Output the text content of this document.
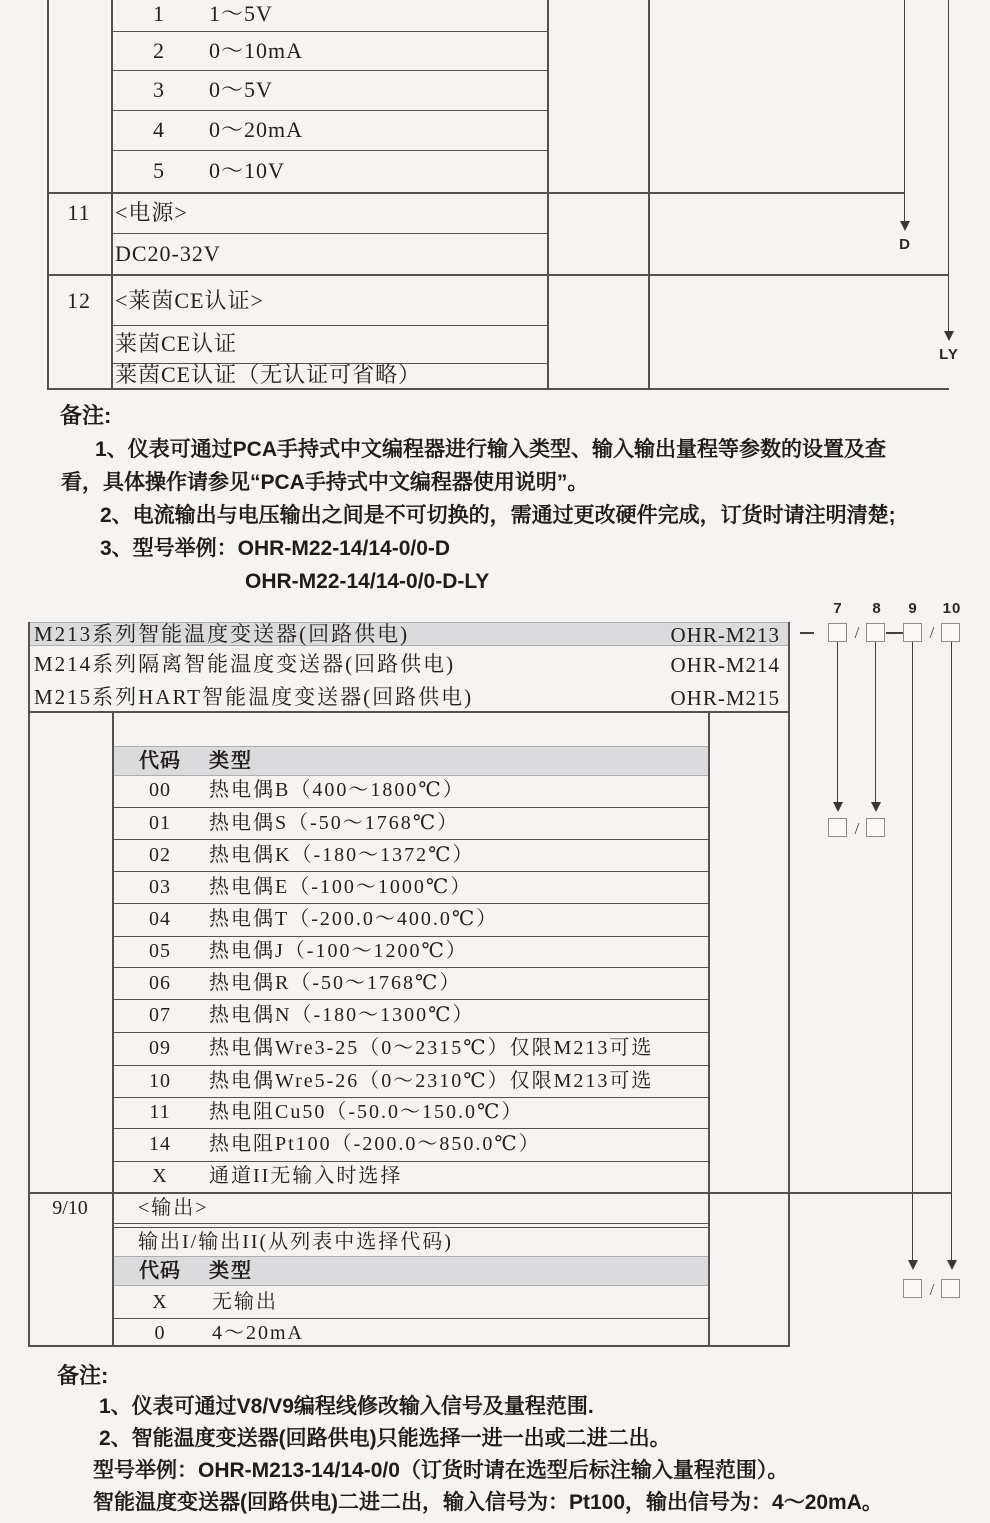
1	1～5V
2	0～10mA
3	0～5V
4	0～20mA
5	0～10V
11	<电源>
DC20-32V
12	<莱茵CE认证>
莱茵CE认证
莱茵CE认证（无认证可省略）
D
LY
备注:
1、仪表可通过PCA手持式中文编程器进行输入类型、输入输出量程等参数的设置及查
看，具体操作请参见“PCA手持式中文编程器使用说明”。
2、电流输出与电压输出之间是不可切换的，需通过更改硬件完成，订货时请注明清楚;
3、型号举例：OHR-M22-14/14-0/0-D
OHR-M22-14/14-0/0-D-LY
M213系列智能温度变送器(回路供电)	OHR-M213
M214系列隔离智能温度变送器(回路供电)	OHR-M214
M215系列HART智能温度变送器(回路供电)	OHR-M215
7	8	9	10
/	/
/
/
代码	类型
00	热电偶B（400～1800℃）
01	热电偶S（-50～1768℃）
02	热电偶K（-180～1372℃）
03	热电偶E（-100～1000℃）
04	热电偶T（-200.0～400.0℃）
05	热电偶J（-100～1200℃）
06	热电偶R（-50～1768℃）
07	热电偶N（-180～1300℃）
09	热电偶Wre3-25（0～2315℃）仅限M213可选
10	热电偶Wre5-26（0～2310℃）仅限M213可选
11	热电阻Cu50（-50.0～150.0℃）
14	热电阻Pt100（-200.0～850.0℃）
X	通道II无输入时选择
9/10	<输出>
输出I/输出II(从列表中选择代码)
代码	类型
X	无输出
0	4～20mA
备注:
1、仪表可通过V8/V9编程线修改输入信号及量程范围.
2、智能温度变送器(回路供电)只能选择一进一出或二进二出。
型号举例：OHR-M213-14/14-0/0（订货时请在选型后标注输入量程范围）。
智能温度变送器(回路供电)二进二出，输入信号为：Pt100，输出信号为：4～20mA。
